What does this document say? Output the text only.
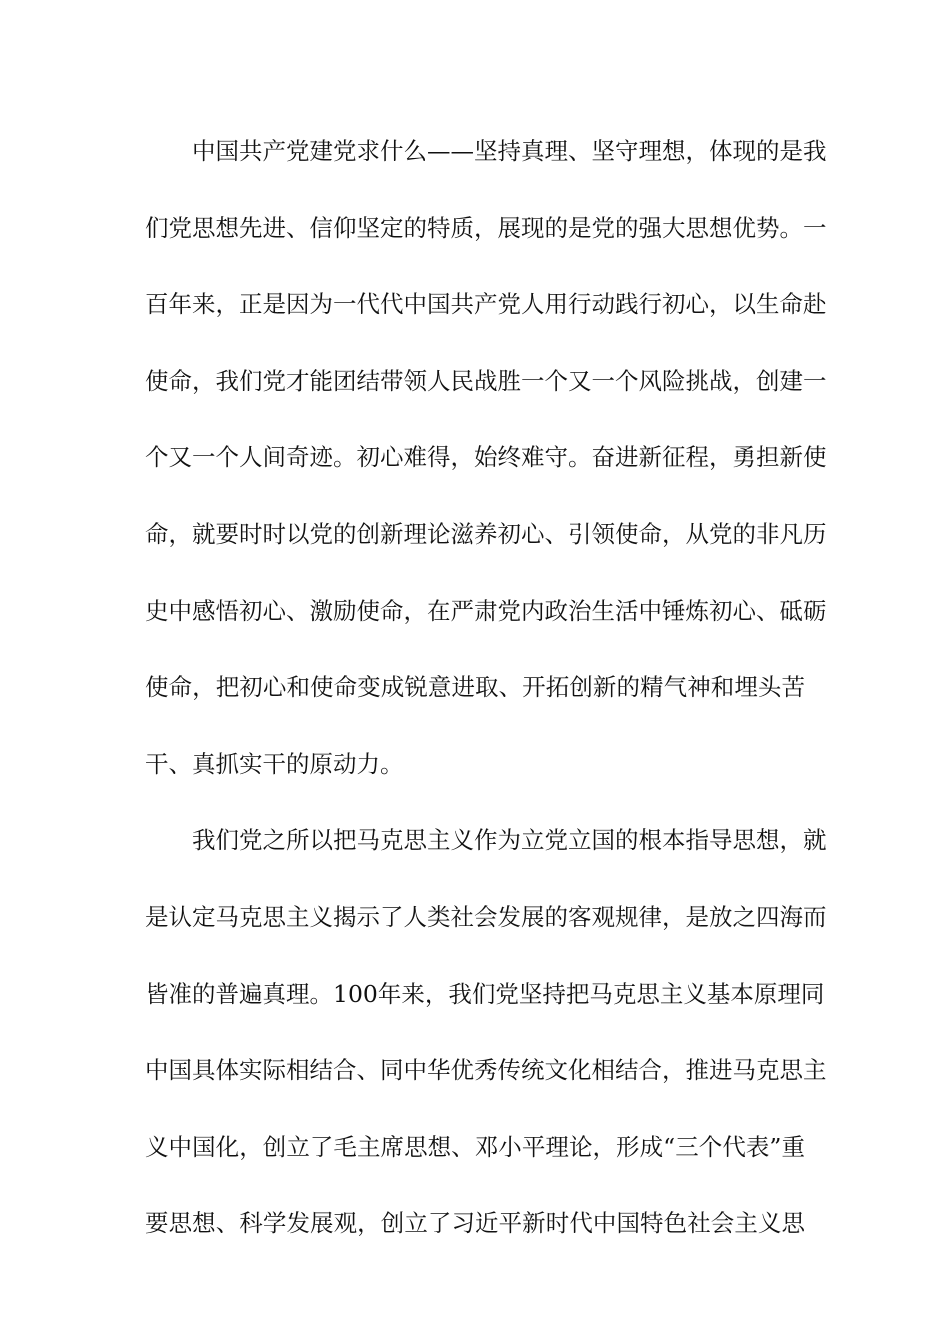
中国共产党建党求什么——坚持真理、坚守理想，体现的是我
们党思想先进、信仰坚定的特质，展现的是党的强大思想优势。一
百年来，正是因为一代代中国共产党人用行动践行初心，以生命赴
使命，我们党才能团结带领人民战胜一个又一个风险挑战，创建一
个又一个人间奇迹。初心难得，始终难守。奋进新征程，勇担新使
命，就要时时以党的创新理论滋养初心、引领使命，从党的非凡历
史中感悟初心、激励使命，在严肃党内政治生活中锤炼初心、砥砺
使命，把初心和使命变成锐意进取、开拓创新的精气神和埋头苦
干、真抓实干的原动力。
我们党之所以把马克思主义作为立党立国的根本指导思想，就
是认定马克思主义揭示了人类社会发展的客观规律，是放之四海而
皆准的普遍真理。100年来，我们党坚持把马克思主义基本原理同
中国具体实际相结合、同中华优秀传统文化相结合，推进马克思主
义中国化，创立了毛主席思想、邓小平理论，形成“三个代表”重
要思想、科学发展观，创立了习近平新时代中国特色社会主义思
